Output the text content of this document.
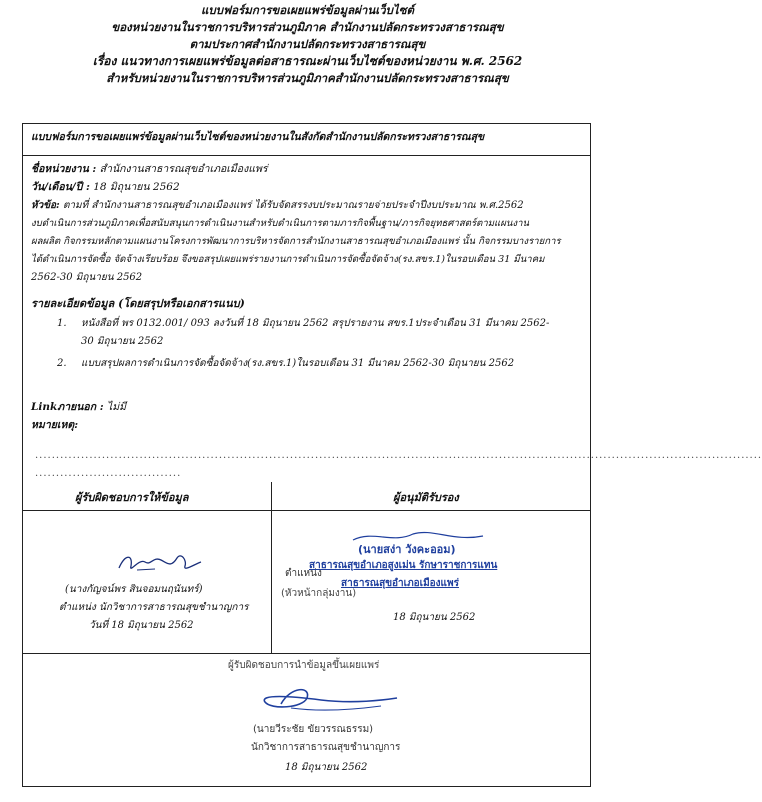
แบบฟอร์มการขอเผยแพร่ข้อมูลผ่านเว็บไซต์
ของหน่วยงานในราชการบริหารส่วนภูมิภาค สำนักงานปลัดกระทรวงสาธารณสุข
ตามประกาศสำนักงานปลัดกระทรวงสาธารณสุข
เรื่อง แนวทางการเผยแพร่ข้อมูลต่อสาธารณะผ่านเว็บไซต์ของหน่วยงาน พ.ศ. 2562
สำหรับหน่วยงานในราชการบริหารส่วนภูมิภาคสำนักงานปลัดกระทรวงสาธารณสุข
แบบฟอร์มการขอเผยแพร่ข้อมูลผ่านเว็บไซต์ของหน่วยงานในสังกัดสำนักงานปลัดกระทรวงสาธารณสุข
ชื่อหน่วยงาน : สำนักงานสาธารณสุขอำเภอเมืองแพร่
วัน/เดือน/ปี : 18 มิถุนายน 2562
หัวข้อ: ตามที่ สำนักงานสาธารณสุขอำเภอเมืองแพร่ ได้รับจัดสรรงบประมาณรายจ่ายประจำปีงบประมาณ พ.ศ.2562
งบดำเนินการส่วนภูมิภาคเพื่อสนับสนุนการดำเนินงานสำหรับดำเนินการตามภารกิจพื้นฐาน/ภารกิจยุทธศาสตร์ตามแผนงาน
ผลผลิต กิจกรรมหลักตามแผนงานโครงการพัฒนาการบริหารจัดการสำนักงานสาธารณสุขอำเภอเมืองแพร่ นั้น กิจกรรมบางรายการ
ได้ดำเนินการจัดซื้อ จัดจ้างเรียบร้อย จึงขอสรุปเผยแพร่รายงานการดำเนินการจัดซื้อจัดจ้าง(รง.สขร.1)ในรอบเดือน 31 มีนาคม
2562-30 มิถุนายน 2562
รายละเอียดข้อมูล (โดยสรุปหรือเอกสารแนบ)
1. หนังสือที่ พร 0132.001/ 093 ลงวันที่ 18 มิถุนายน 2562 สรุปรายงาน สขร.1ประจำเดือน 31 มีนาคม 2562-
30 มิถุนายน 2562
2. แบบสรุปผลการดำเนินการจัดซื้อจัดจ้าง(รง.สขร.1)ในรอบเดือน 31 มีนาคม 2562-30 มิถุนายน 2562
Linkภายนอก : ไม่มี
หมายเหตุ:
..............................................................................................................................................................................
...................................
ผู้รับผิดชอบการให้ข้อมูล
(นางกัญจน์พร สินจอมนฤนันทร์)
ตำแหน่ง นักวิชาการสาธารณสุขชำนาญการ
วันที่ 18 มิถุนายน 2562
ผู้อนุมัติรับรอง
(นายสง่า วังคะออม)
ตำแหน่ง
สาธารณสุขอำเภอสูงเม่น รักษาราชการแทน
สาธารณสุขอำเภอเมืองแพร่
(หัวหน้ากลุ่มงาน)
18 มิถุนายน 2562
ผู้รับผิดชอบการนำข้อมูลขึ้นเผยแพร่
(นายวีระชัย ขัยวรรณธรรม)
นักวิชาการสาธารณสุขชำนาญการ
18 มิถุนายน 2562
